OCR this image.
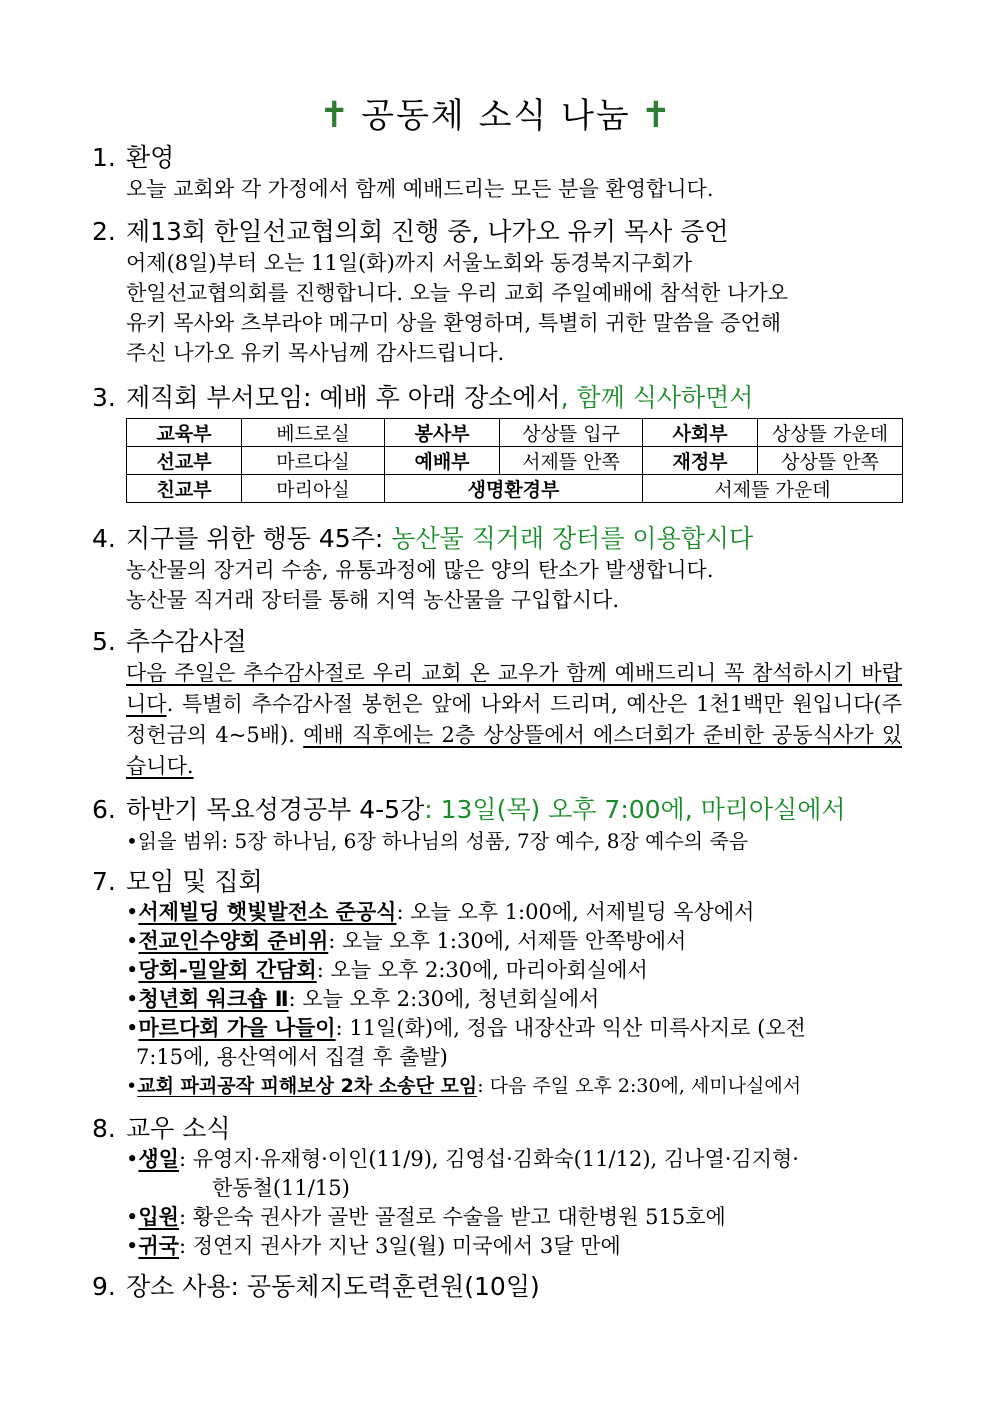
✝ 공동체 소식 나눔 ✝
1. 환영
오늘 교회와 각 가정에서 함께 예배드리는 모든 분을 환영합니다.
2. 제13회 한일선교협의회 진행 중, 나가오 유키 목사 증언
어제(8일)부터 오는 11일(화)까지 서울노회와 동경북지구회가
한일선교협의회를 진행합니다. 오늘 우리 교회 주일예배에 참석한 나가오
유키 목사와 츠부라야 메구미 상을 환영하며, 특별히 귀한 말씀을 증언해
주신 나가오 유키 목사님께 감사드립니다.
3. 제직회 부서모임: 예배 후 아래 장소에서, 함께 식사하면서
교육부	베드로실	봉사부	상상뜰 입구	사회부	상상뜰 가운데
선교부	마르다실	예배부	서제뜰 안쪽	재정부	상상뜰 안쪽
친교부	마리아실	생명환경부		서제뜰 가운데	
4. 지구를 위한 행동 45주: 농산물 직거래 장터를 이용합시다
농산물의 장거리 수송, 유통과정에 많은 양의 탄소가 발생합니다.
농산물 직거래 장터를 통해 지역 농산물을 구입합시다.
5. 추수감사절
다음 주일은 추수감사절로 우리 교회 온 교우가 함께 예배드리니 꼭 참석하시기 바랍니다. 특별히 추수감사절 봉헌은 앞에 나와서 드리며, 예산은 1천1백만 원입니다(주정헌금의 4~5배). 예배 직후에는 2층 상상뜰에서 에스더회가 준비한 공동식사가 있습니다.
6. 하반기 목요성경공부 4-5강: 13일(목) 오후 7:00에, 마리아실에서
•읽을 범위: 5장 하나님, 6장 하나님의 성품, 7장 예수, 8장 예수의 죽음
7. 모임 및 집회
•서제빌딩 햇빛발전소 준공식: 오늘 오후 1:00에, 서제빌딩 옥상에서
•전교인수양회 준비위: 오늘 오후 1:30에, 서제뜰 안쪽방에서
•당회-밀알회 간담회: 오늘 오후 2:30에, 마리아회실에서
•청년회 워크숍 Ⅱ: 오늘 오후 2:30에, 청년회실에서
•마르다회 가을 나들이: 11일(화)에, 정읍 내장산과 익산 미륵사지로 (오전
7:15에, 용산역에서 집결 후 출발)
•교회 파괴공작 피해보상 2차 소송단 모임: 다음 주일 오후 2:30에, 세미나실에서
8. 교우 소식
•생일: 유영지·유재형·이인(11/9), 김영섭·김화숙(11/12), 김나열·김지형·
한동철(11/15)
•입원: 황은숙 권사가 골반 골절로 수술을 받고 대한병원 515호에
•귀국: 정연지 권사가 지난 3일(월) 미국에서 3달 만에
9. 장소 사용: 공동체지도력훈련원(10일)
